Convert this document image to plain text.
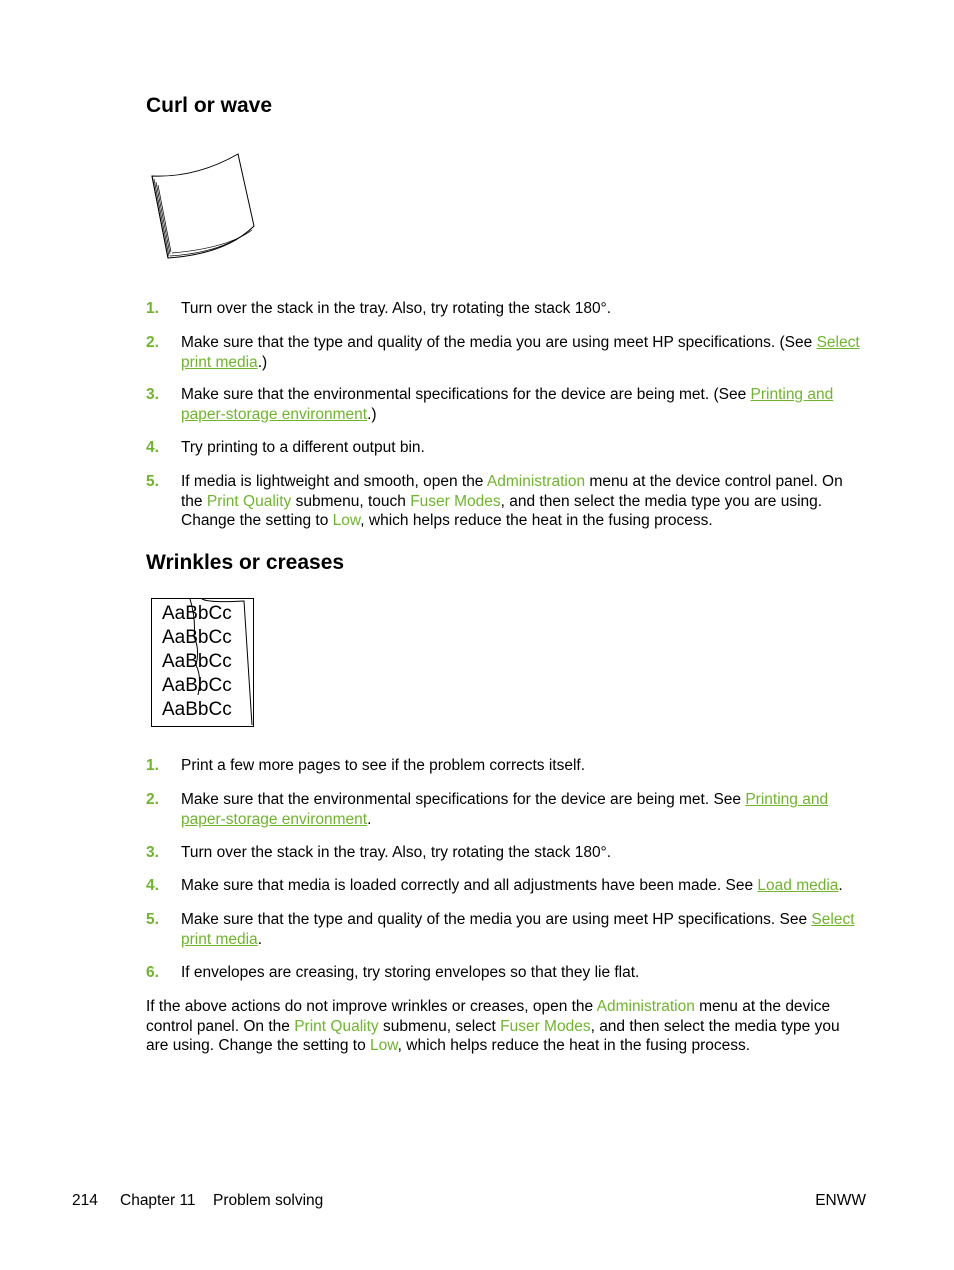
Curl or wave
1. Turn over the stack in the tray. Also, try rotating the stack 180°.
2. Make sure that the type and quality of the media you are using meet HP specifications. (See Select print media.)
3. Make sure that the environmental specifications for the device are being met. (See Printing and paper-storage environment.)
4. Try printing to a different output bin.
5. If media is lightweight and smooth, open the Administration menu at the device control panel. On the Print Quality submenu, touch Fuser Modes, and then select the media type you are using. Change the setting to Low, which helps reduce the heat in the fusing process.
Wrinkles or creases
AaBbCc
AaBbCc
AaBbCc
AaBbCc
AaBbCc
1. Print a few more pages to see if the problem corrects itself.
2. Make sure that the environmental specifications for the device are being met. See Printing and paper-storage environment.
3. Turn over the stack in the tray. Also, try rotating the stack 180°.
4. Make sure that media is loaded correctly and all adjustments have been made. See Load media.
5. Make sure that the type and quality of the media you are using meet HP specifications. See Select print media.
6. If envelopes are creasing, try storing envelopes so that they lie flat.
If the above actions do not improve wrinkles or creases, open the Administration menu at the device control panel. On the Print Quality submenu, select Fuser Modes, and then select the media type you are using. Change the setting to Low, which helps reduce the heat in the fusing process.
214 Chapter 11 Problem solving	ENWW
